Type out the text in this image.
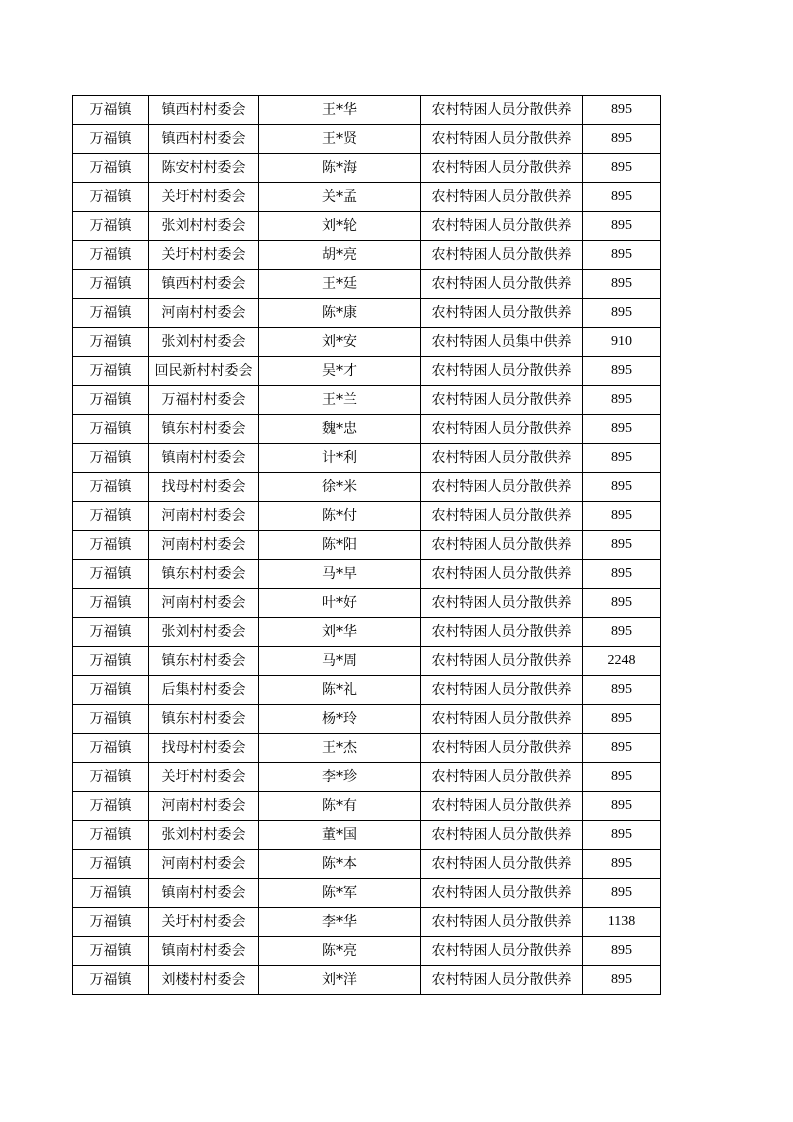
万福镇	镇西村村委会	王*华	农村特困人员分散供养	895
万福镇	镇西村村委会	王*贤	农村特困人员分散供养	895
万福镇	陈安村村委会	陈*海	农村特困人员分散供养	895
万福镇	关圩村村委会	关*孟	农村特困人员分散供养	895
万福镇	张刘村村委会	刘*轮	农村特困人员分散供养	895
万福镇	关圩村村委会	胡*亮	农村特困人员分散供养	895
万福镇	镇西村村委会	王*廷	农村特困人员分散供养	895
万福镇	河南村村委会	陈*康	农村特困人员分散供养	895
万福镇	张刘村村委会	刘*安	农村特困人员集中供养	910
万福镇	回民新村村委会	吴*才	农村特困人员分散供养	895
万福镇	万福村村委会	王*兰	农村特困人员分散供养	895
万福镇	镇东村村委会	魏*忠	农村特困人员分散供养	895
万福镇	镇南村村委会	计*利	农村特困人员分散供养	895
万福镇	找母村村委会	徐*米	农村特困人员分散供养	895
万福镇	河南村村委会	陈*付	农村特困人员分散供养	895
万福镇	河南村村委会	陈*阳	农村特困人员分散供养	895
万福镇	镇东村村委会	马*早	农村特困人员分散供养	895
万福镇	河南村村委会	叶*好	农村特困人员分散供养	895
万福镇	张刘村村委会	刘*华	农村特困人员分散供养	895
万福镇	镇东村村委会	马*周	农村特困人员分散供养	2248
万福镇	后集村村委会	陈*礼	农村特困人员分散供养	895
万福镇	镇东村村委会	杨*玲	农村特困人员分散供养	895
万福镇	找母村村委会	王*杰	农村特困人员分散供养	895
万福镇	关圩村村委会	李*珍	农村特困人员分散供养	895
万福镇	河南村村委会	陈*有	农村特困人员分散供养	895
万福镇	张刘村村委会	董*国	农村特困人员分散供养	895
万福镇	河南村村委会	陈*本	农村特困人员分散供养	895
万福镇	镇南村村委会	陈*军	农村特困人员分散供养	895
万福镇	关圩村村委会	李*华	农村特困人员分散供养	1138
万福镇	镇南村村委会	陈*亮	农村特困人员分散供养	895
万福镇	刘楼村村委会	刘*洋	农村特困人员分散供养	895
